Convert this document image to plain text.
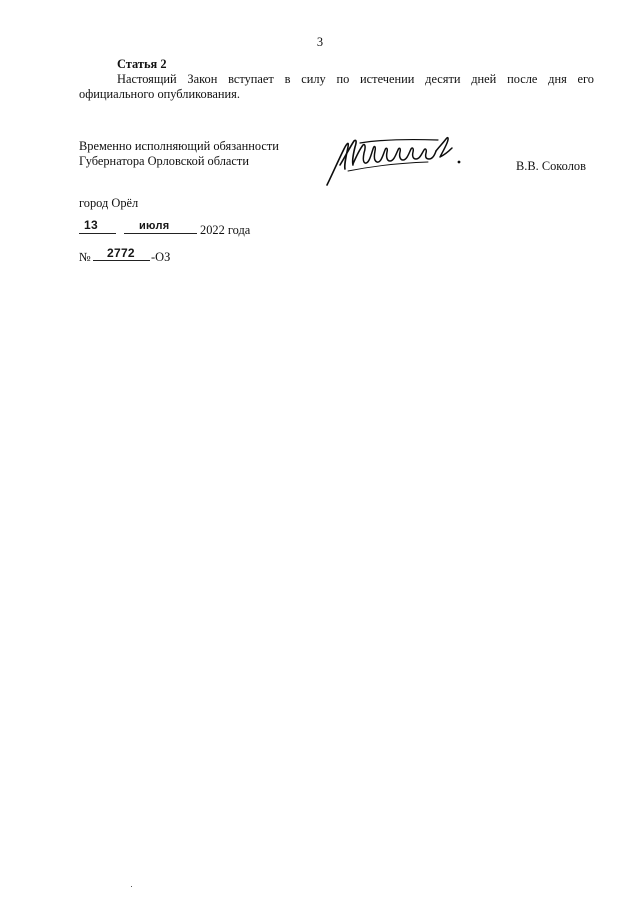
3
Статья 2
Настоящий Закон вступает в силу по истечении десяти дней после дня его
официального опубликования.
Временно исполняющий обязанности
Губернатора Орловской области	В.В. Соколов
город Орёл
13	июля 2022 года
№ 2772 -ОЗ
